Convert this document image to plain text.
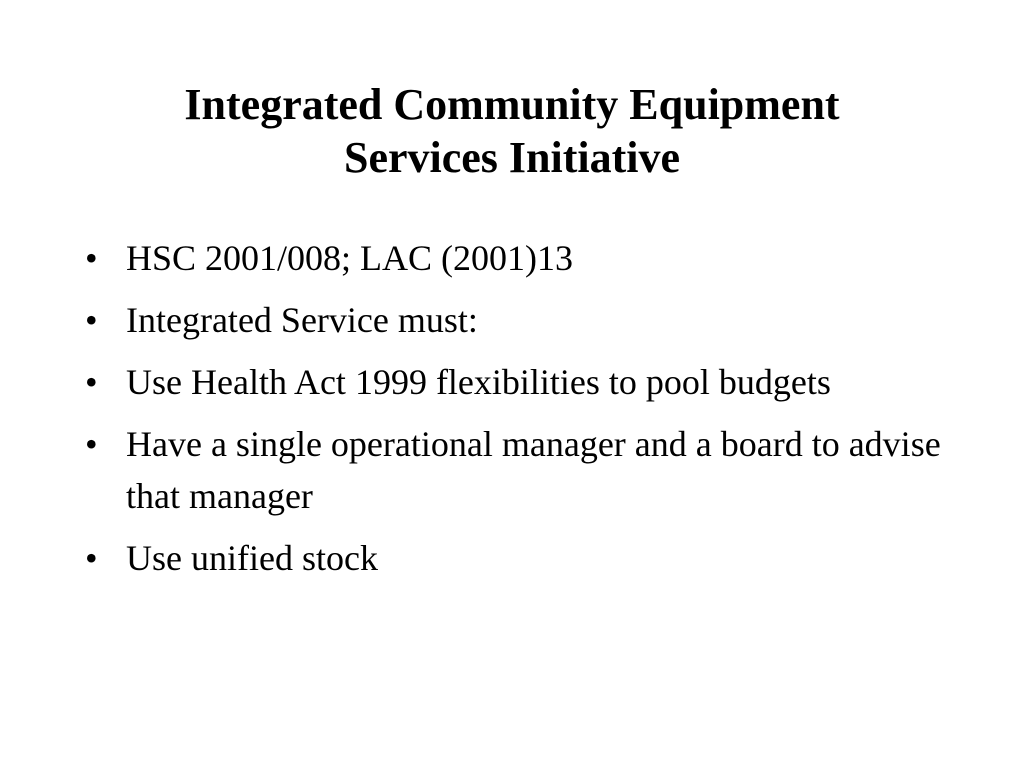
Integrated Community Equipment
Services Initiative
• HSC 2001/008; LAC (2001)13
• Integrated Service must:
• Use Health Act 1999 flexibilities to pool budgets
• Have a single operational manager and a board to advise that manager
• Use unified stock
